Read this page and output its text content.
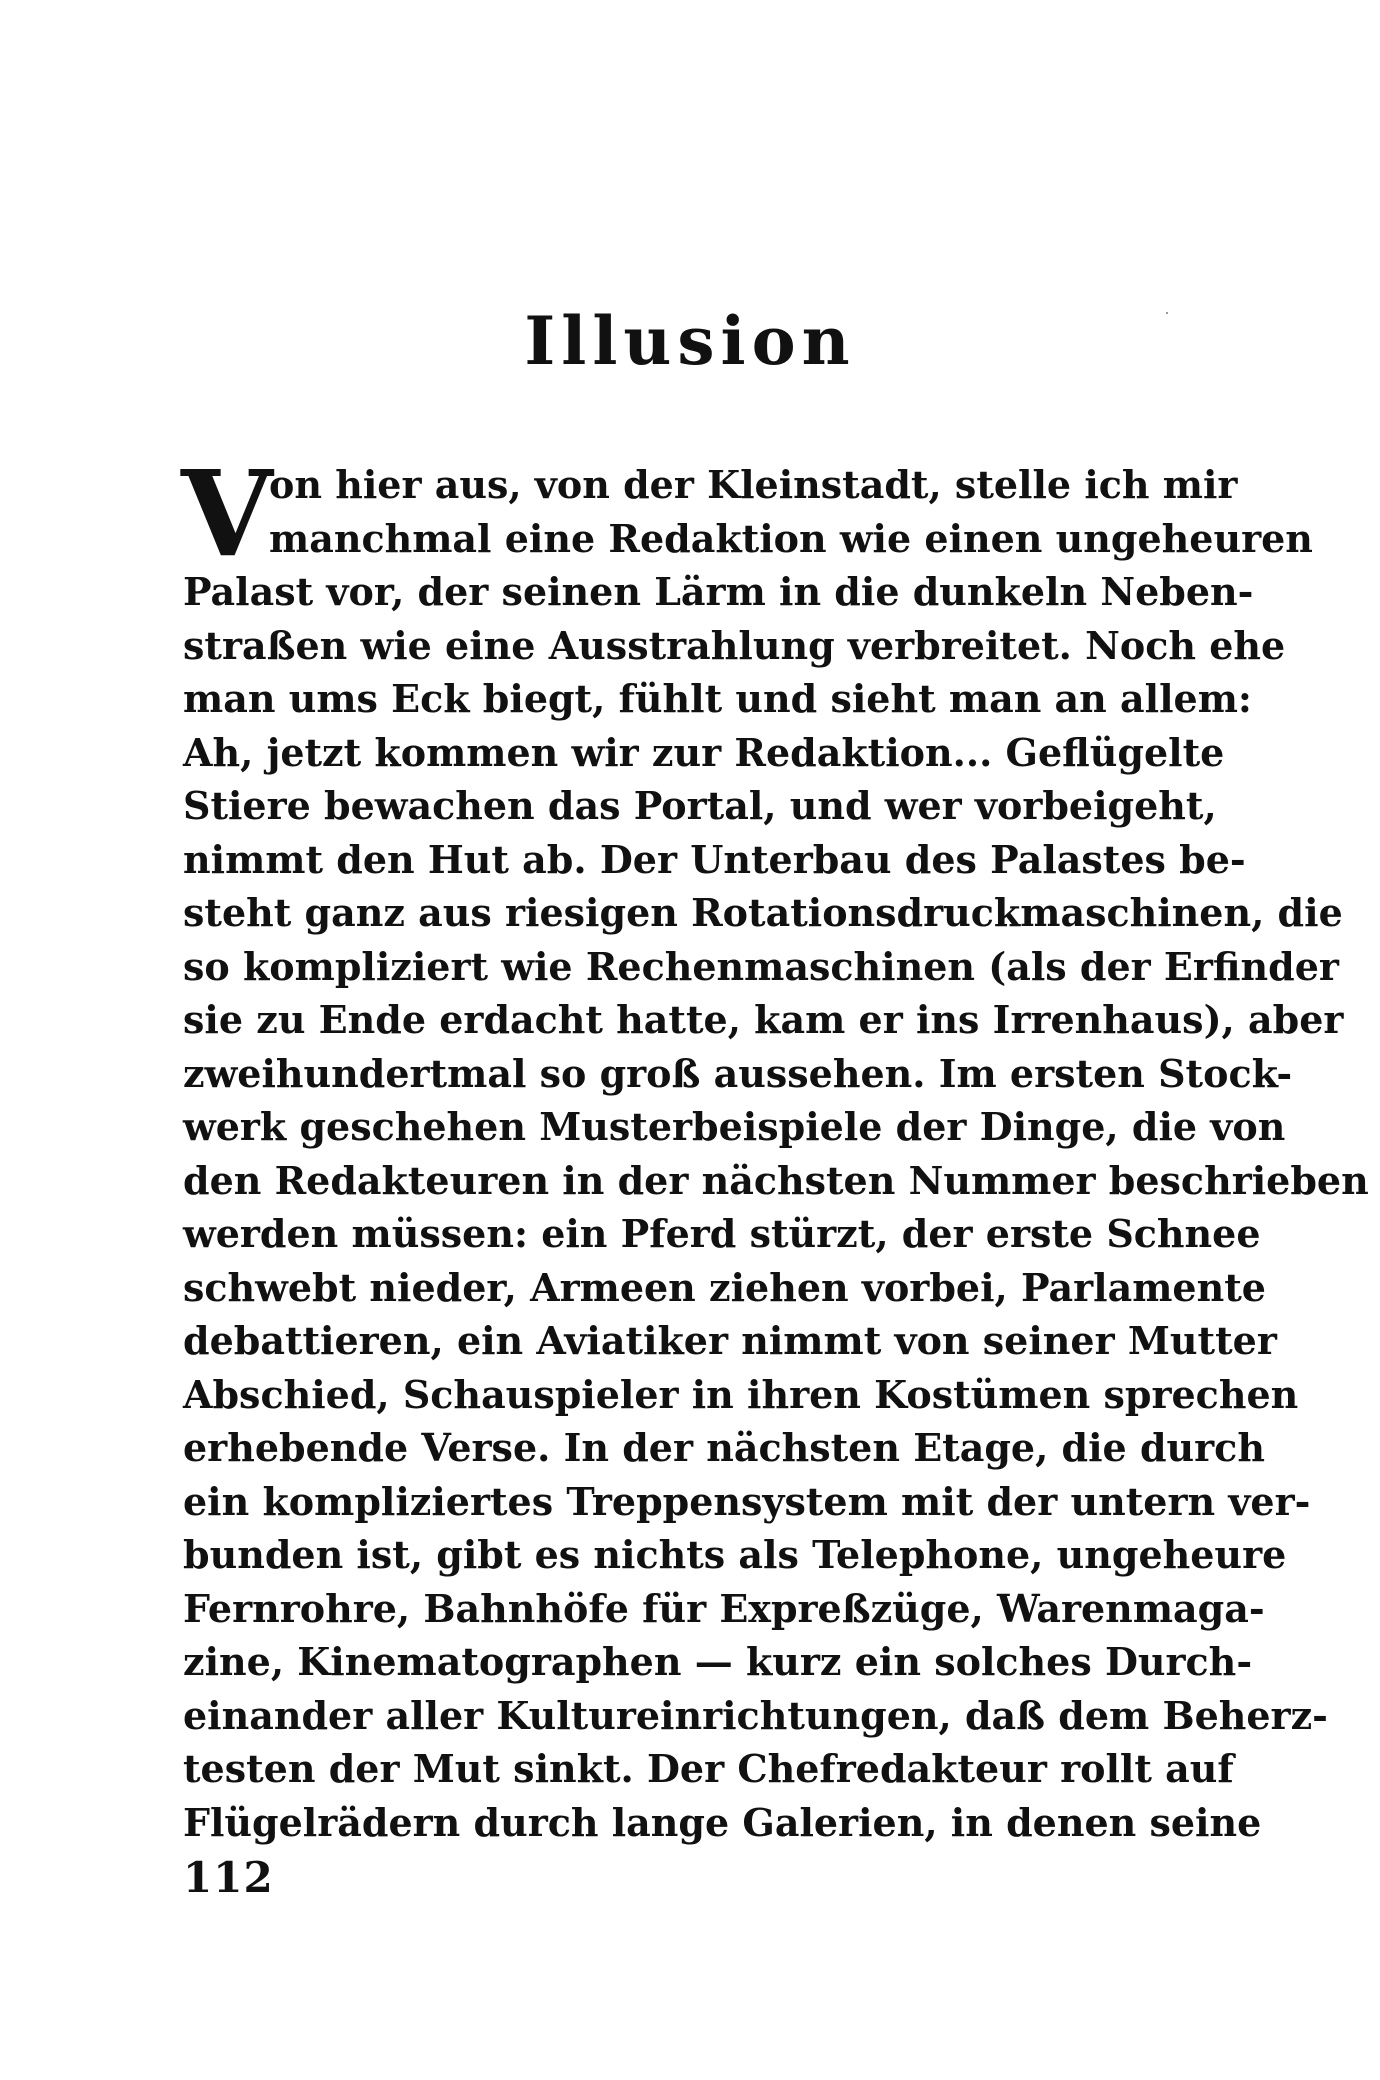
Illusion
V
on hier aus, von der Kleinstadt, stelle ich mir
manchmal eine Redaktion wie einen ungeheuren
Palast vor, der seinen Lärm in die dunkeln Neben-
straßen wie eine Ausstrahlung verbreitet. Noch ehe
man ums Eck biegt, fühlt und sieht man an allem:
Ah, jetzt kommen wir zur Redaktion... Geflügelte
Stiere bewachen das Portal, und wer vorbeigeht,
nimmt den Hut ab. Der Unterbau des Palastes be-
steht ganz aus riesigen Rotationsdruckmaschinen, die
so kompliziert wie Rechenmaschinen (als der Erfinder
sie zu Ende erdacht hatte, kam er ins Irrenhaus), aber
zweihundertmal so groß aussehen. Im ersten Stock-
werk geschehen Musterbeispiele der Dinge, die von
den Redakteuren in der nächsten Nummer beschrieben
werden müssen: ein Pferd stürzt, der erste Schnee
schwebt nieder, Armeen ziehen vorbei, Parlamente
debattieren, ein Aviatiker nimmt von seiner Mutter
Abschied, Schauspieler in ihren Kostümen sprechen
erhebende Verse. In der nächsten Etage, die durch
ein kompliziertes Treppensystem mit der untern ver-
bunden ist, gibt es nichts als Telephone, ungeheure
Fernrohre, Bahnhöfe für Expreßzüge, Warenmaga-
zine, Kinematographen — kurz ein solches Durch-
einander aller Kultureinrichtungen, daß dem Beherz-
testen der Mut sinkt. Der Chefredakteur rollt auf
Flügelrädern durch lange Galerien, in denen seine
112
